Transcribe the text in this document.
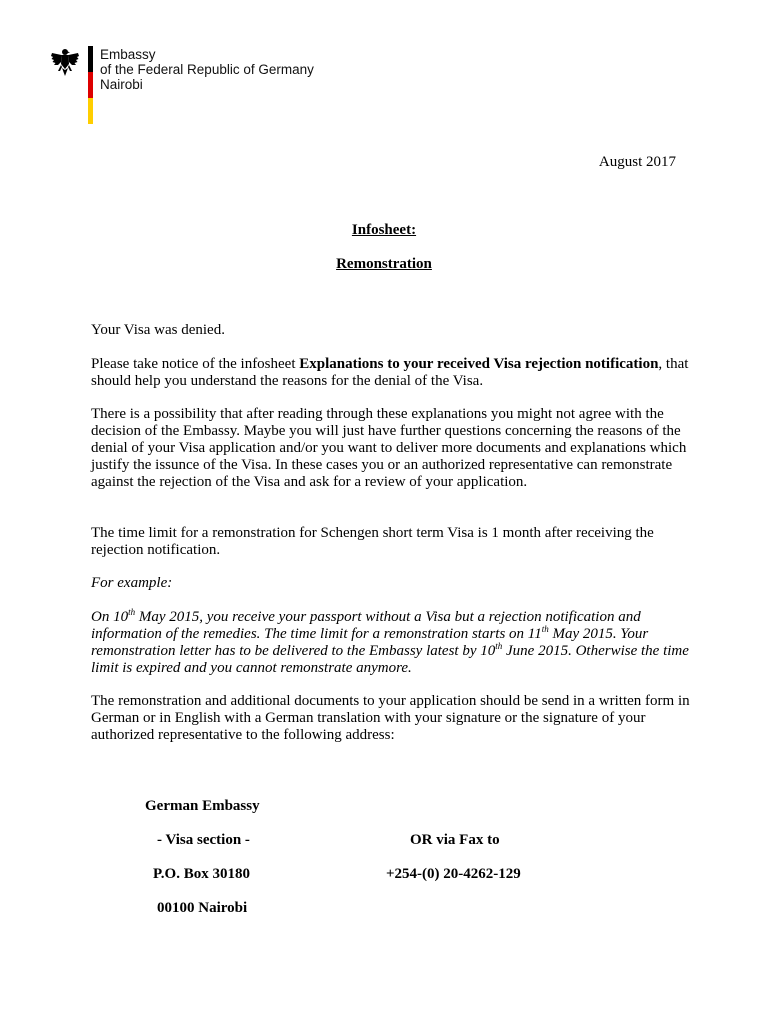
Embassy
of the Federal Republic of Germany
Nairobi
August 2017
Infosheet:
Remonstration
Your Visa was denied.
Please take notice of the infosheet Explanations to your received Visa rejection notification, that should help you understand the reasons for the denial of the Visa.
There is a possibility that after reading through these explanations you might not agree with the decision of the Embassy. Maybe you will just have further questions concerning the reasons of the denial of your Visa application and/or you want to deliver more documents and explanations which justify the issunce of the Visa. In these cases you or an authorized representative can remonstrate against the rejection of the Visa and ask for a review of your application.
The time limit for a remonstration for Schengen short term Visa is 1 month after receiving the rejection notification.
For example:
On 10th May 2015, you receive your passport without a Visa but a rejection notification and information of the remedies. The time limit for a remonstration starts on 11th May 2015. Your remonstration letter has to be delivered to the Embassy latest by 10th June 2015. Otherwise the time limit is expired and you cannot remonstrate anymore.
The remonstration and additional documents to your application should be send in a written form in German or in English with a German translation with your signature or the signature of your authorized representative to the following address:
German Embassy
- Visa section -
P.O. Box 30180
00100 Nairobi
OR via Fax to
+254-(0) 20-4262-129
